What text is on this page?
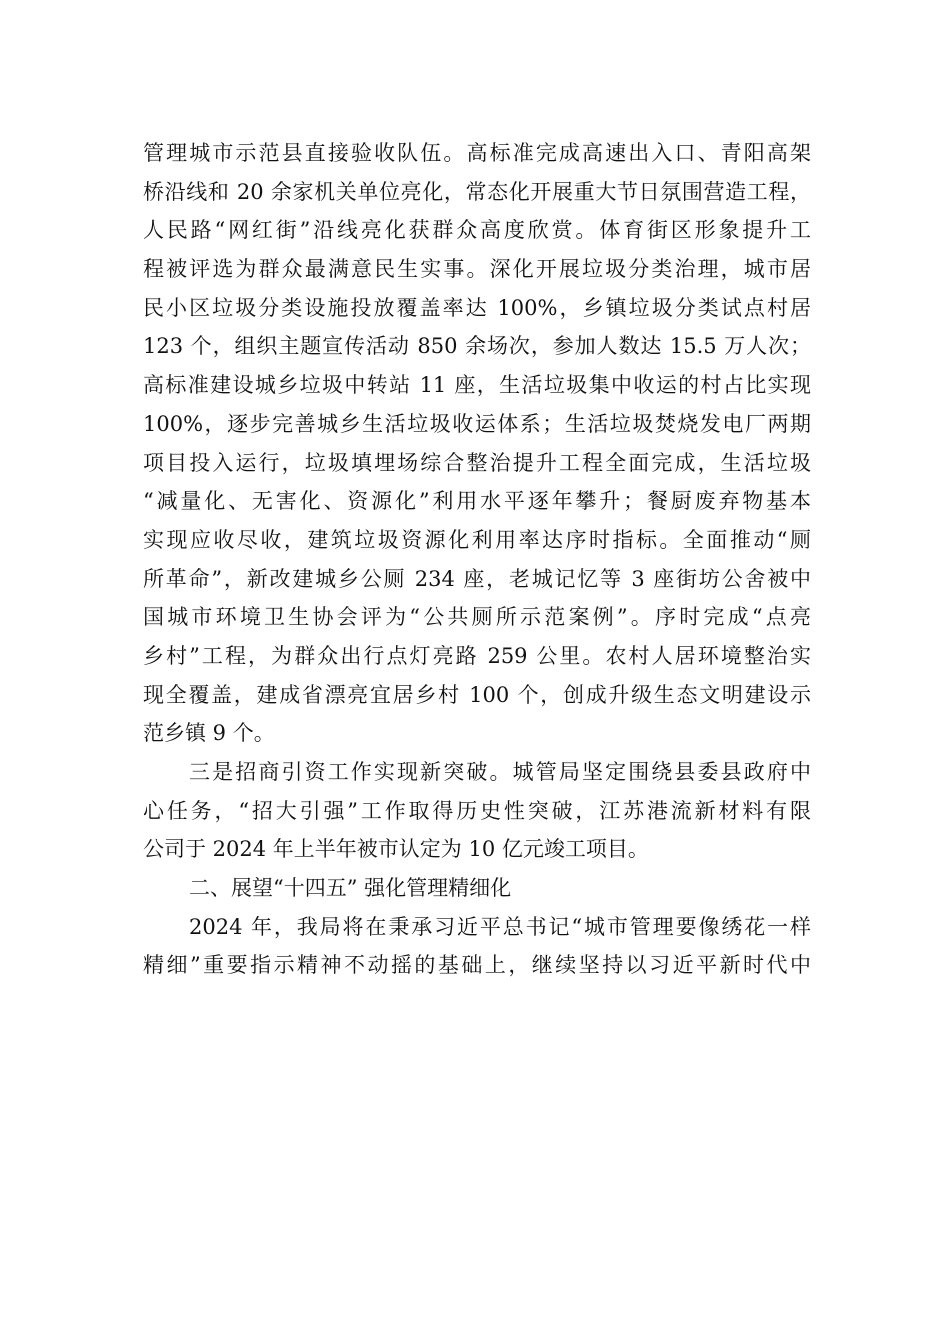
管理城市示范县直接验收队伍。高标准完成高速出入口、青阳高架
桥沿线和 20 余家机关单位亮化，常态化开展重大节日氛围营造工程，
人民路“网红街”沿线亮化获群众高度欣赏。体育街区形象提升工
程被评选为群众最满意民生实事。深化开展垃圾分类治理，城市居
民小区垃圾分类设施投放覆盖率达 100%，乡镇垃圾分类试点村居
123 个，组织主题宣传活动 850 余场次，参加人数达 15.5 万人次；
高标准建设城乡垃圾中转站 11 座，生活垃圾集中收运的村占比实现
100%，逐步完善城乡生活垃圾收运体系；生活垃圾焚烧发电厂两期
项目投入运行，垃圾填埋场综合整治提升工程全面完成，生活垃圾
“减量化、无害化、资源化”利用水平逐年攀升；餐厨废弃物基本
实现应收尽收，建筑垃圾资源化利用率达序时指标。全面推动“厕
所革命”，新改建城乡公厕 234 座，老城记忆等 3 座街坊公舍被中
国城市环境卫生协会评为“公共厕所示范案例”。序时完成“点亮
乡村”工程，为群众出行点灯亮路 259 公里。农村人居环境整治实
现全覆盖，建成省漂亮宜居乡村 100 个，创成升级生态文明建设示
范乡镇 9 个。
三是招商引资工作实现新突破。城管局坚定围绕县委县政府中
心任务，“招大引强”工作取得历史性突破，江苏港流新材料有限
公司于 2024 年上半年被市认定为 10 亿元竣工项目。
二、展望“十四五” 强化管理精细化
2024 年，我局将在秉承习近平总书记“城市管理要像绣花一样
精细”重要指示精神不动摇的基础上，继续坚持以习近平新时代中
